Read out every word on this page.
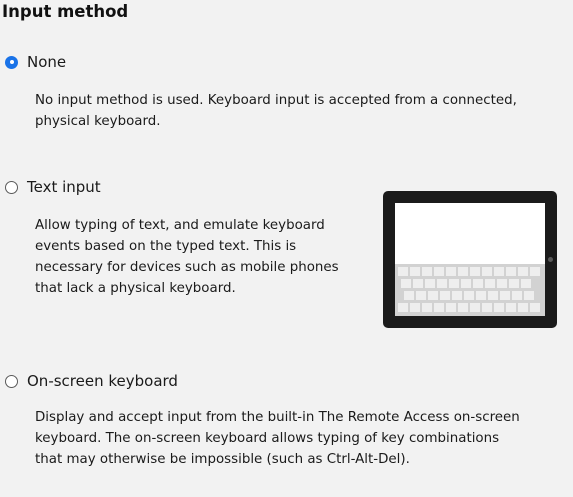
Input method
None

No input method is used. Keyboard input is accepted from a connected,
physical keyboard.

Text input

Allow typing of text, and emulate keyboard
events based on the typed text. This is
necessary for devices such as mobile phones
that lack a physical keyboard.

On-screen keyboard

Display and accept input from the built-in The Remote Access on-screen
keyboard. The on-screen keyboard allows typing of key combinations
that may otherwise be impossible (such as Ctrl-Alt-Del).
